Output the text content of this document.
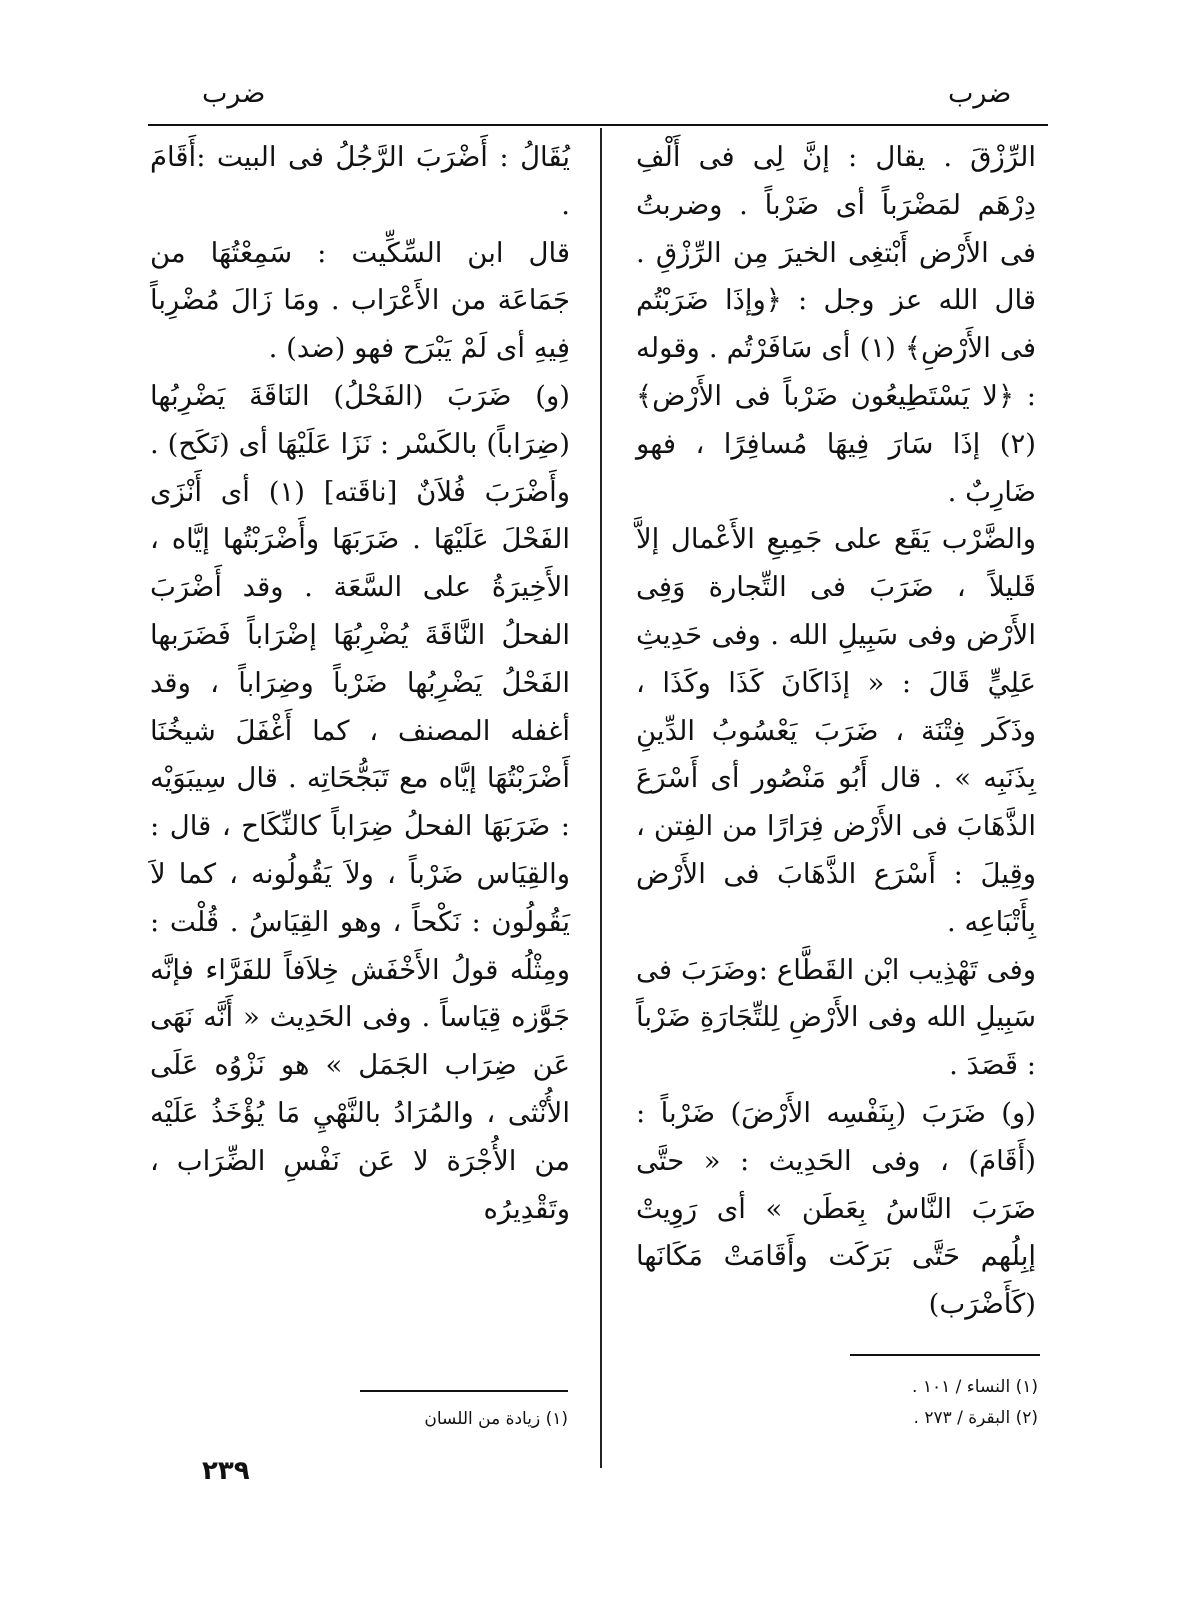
ضرب
ضرب

الرِّزْقَ . يقال : إنَّ لِى فى أَلْفِ دِرْهَم لمَضْرَباً أى ضَرْباً . وضربتُ فى الأَرْض أَبْتغِى الخيرَ مِن الرِّزْقِ . قال الله عز وجل : ﴿وإذَا ضَرَبْتُم فى الأَرْضِ﴾ (١) أى سَافَرْتُم . وقوله : ﴿لا يَسْتَطِيعُون ضَرْباً فى الأَرْض﴾ (٢) إذَا سَارَ فِيهَا مُسافِرًا ، فهو ضَارِبٌ .

والضَّرْب يَقَع على جَمِيعِ الأَعْمال إلاَّ قَليلاً ، ضَرَبَ فى التِّجارة وَفِى الأَرْض وفى سَبِيلِ الله . وفى حَدِيثِ عَلِيٍّ قَالَ : « إذَاكَانَ كَذَا وكَذَا ، وذَكَر فِتْنَة ، ضَرَبَ يَعْسُوبُ الدِّينِ بِذَنَبِه » . قال أَبُو مَنْصُور أى أَسْرَعَ الذَّهَابَ فى الأَرْض فِرَارًا من الفِتن ، وقِيلَ : أَسْرَع الذَّهَابَ فى الأَرْض بِأَتْبَاعِه .

وفى تَهْذِيب ابْن القَطَّاع :وضَرَبَ فى سَبِيلِ الله وفى الأَرْضِ لِلتِّجَارَةِ ضَرْباً : قَصَدَ .

(و) ضَرَبَ (بِنَفْسِه الأَرْضَ) ضَرْباً : (أَقَامَ) ، وفى الحَدِيث : « حتَّى ضَرَبَ النَّاسُ بِعَطَن » أى رَوِيتْ إبِلُهم حَتَّى بَرَكَت وأَقَامَتْ مَكَانَها (كَأَضْرَب)

يُقَالُ : أَضْرَبَ الرَّجُلُ فى البيت :أَقَامَ .

قال ابن السِّكِّيت : سَمِعْتُهَا من جَمَاعَة من الأَعْرَاب . ومَا زَالَ مُضْرِباً فِيهِ أى لَمْ يَبْرَح فهو (ضد) .

(و) ضَرَبَ (الفَحْلُ) النَاقَةَ يَضْرِبُها (ضِرَاباً) بالكَسْر : نَزَا عَلَيْهَا أى (نَكَح) . وأَضْرَبَ فُلاَنٌ [ناقَته] (١) أى أَنْزَى الفَحْلَ عَلَيْهَا . ضَرَبَهَا وأَضْرَبْتُها إيَّاه ، الأَخِيرَةُ على السَّعَة . وقد أَضْرَبَ الفحلُ النَّاقَةَ يُضْرِبُهَا إضْرَاباً فَضَرَبها الفَحْلُ يَضْرِبُها ضَرْباً وضِرَاباً ، وقد أغفله المصنف ، كما أَغْفَلَ شيخُنَا أَضْرَبْتُهَا إيَّاه مع تَبَجُّحَاتِه . قال سِيبَوَيْه : ضَرَبَهَا الفحلُ ضِرَاباً كالنِّكَاح ، قال : والقِيَاس ضَرْباً ، ولاَ يَقُولُونه ، كما لاَ يَقُولُون : نَكْحاً ، وهو القِيَاسُ . قُلْت : ومِثْلُه قولُ الأَخْفَش خِلاَفاً للفَرَّاء فإنَّه جَوَّزه قِيَاساً . وفى الحَدِيث « أَنَّه نَهَى عَن ضِرَاب الجَمَل » هو نَزْوُه عَلَى الأُنْثى ، والمُرَادُ بالنَّهْيِ مَا يُؤْخَذُ عَلَيْه من الأُجْرَة لا عَن نَفْسِ الضِّرَاب ، وتَقْدِيرُه

(١) النساء / ١٠١ .
(٢) البقرة / ٢٧٣ .
(١) زيادة من اللسان
٢٣٩
